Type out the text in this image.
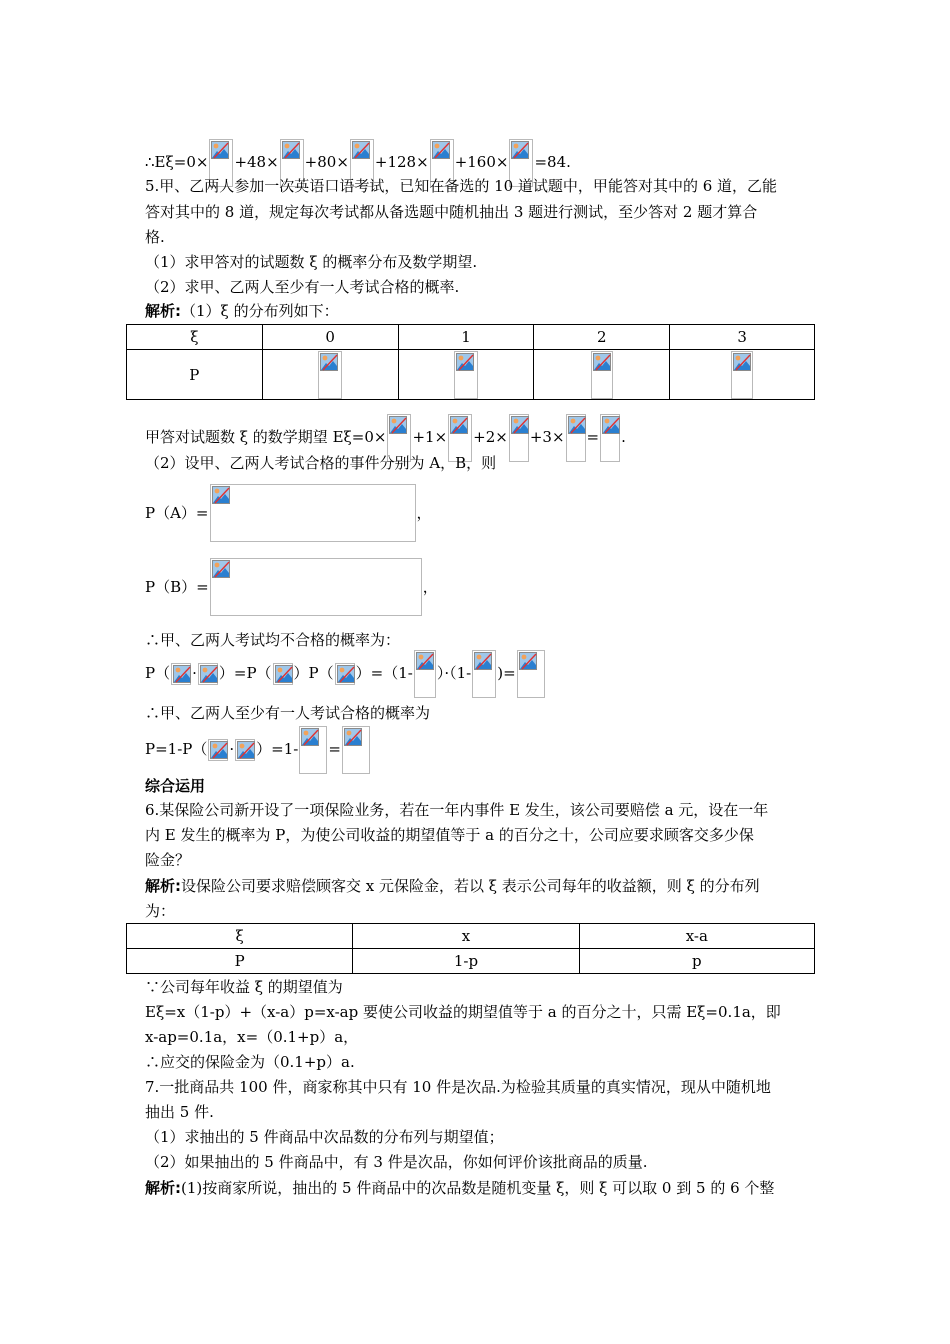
∴Eξ=0× +48× +80× +128× +160× =84.
5.甲、乙两人参加一次英语口语考试，已知在备选的 10 道试题中，甲能答对其中的 6 道，乙能
答对其中的 8 道，规定每次考试都从备选题中随机抽出 3 题进行测试，至少答对 2 题才算合
格.
（1）求甲答对的试题数 ξ 的概率分布及数学期望.
（2）求甲、乙两人至少有一人考试合格的概率.
解析:（1）ξ 的分布列如下：
ξ	0	1	2	3
P	

甲答对试题数 ξ 的数学期望 Eξ=0× +1× +2× +3× = .
（2）设甲、乙两人考试合格的事件分别为 A，B，则
P（A）=	，
P（B）=	，
∴甲、乙两人考试均不合格的概率为：
P（ · ）=P（ ）P（ ）=（1- ）·（1- )=
∴甲、乙两人至少有一人考试合格的概率为
P=1-P（ · ）=1- =
综合运用
6.某保险公司新开设了一项保险业务，若在一年内事件 E 发生，该公司要赔偿 a 元，设在一年
内 E 发生的概率为 P，为使公司收益的期望值等于 a 的百分之十，公司应要求顾客交多少保
险金？
解析:设保险公司要求赔偿顾客交 x 元保险金，若以 ξ 表示公司每年的收益额，则 ξ 的分布列
为：
ξ	x	x-a
P	1-p	p
∵公司每年收益 ξ 的期望值为
Eξ=x（1-p）+（x-a）p=x-ap 要使公司收益的期望值等于 a 的百分之十，只需 Eξ=0.1a，即
x-ap=0.1a，x=（0.1+p）a，
∴应交的保险金为（0.1+p）a.
7.一批商品共 100 件，商家称其中只有 10 件是次品.为检验其质量的真实情况，现从中随机地
抽出 5 件.
（1）求抽出的 5 件商品中次品数的分布列与期望值；
（2）如果抽出的 5 件商品中，有 3 件是次品，你如何评价该批商品的质量.
解析:(1)按商家所说，抽出的 5 件商品中的次品数是随机变量 ξ，则 ξ 可以取 0 到 5 的 6 个整
